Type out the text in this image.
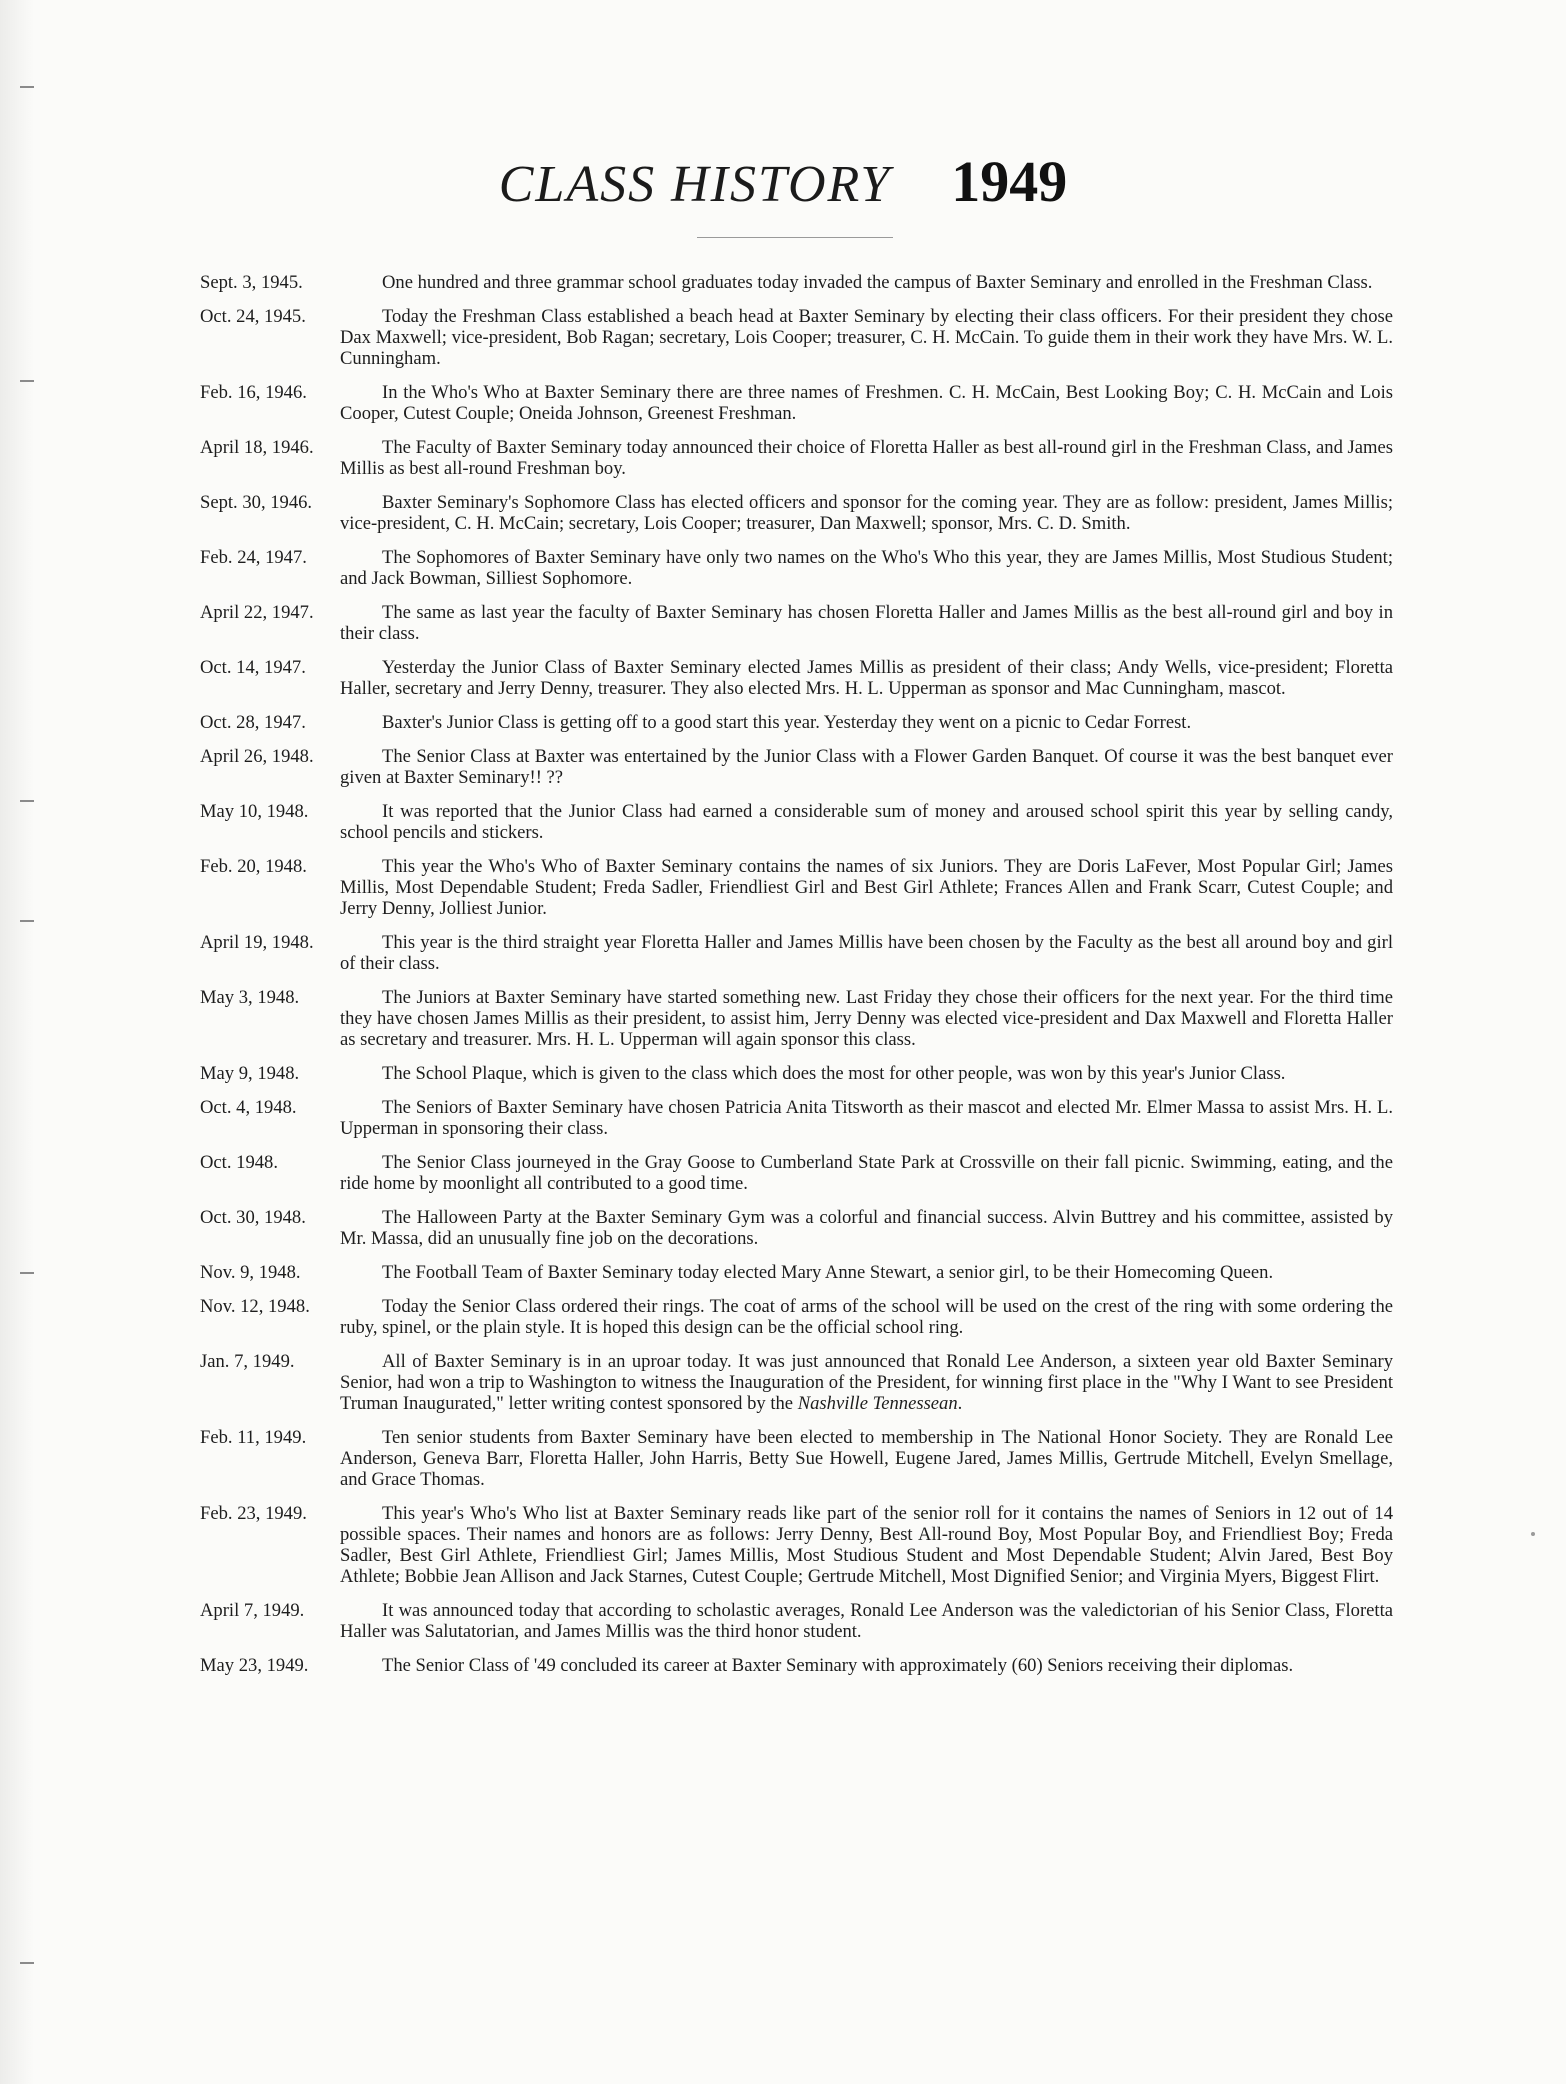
CLASS HISTORY 1949
Sept. 3, 1945.	One hundred and three grammar school graduates today invaded the campus of Baxter Seminary and enrolled in the Freshman Class.
Oct. 24, 1945.	Today the Freshman Class established a beach head at Baxter Seminary by electing their class officers. For their president they chose Dax Maxwell; vice-president, Bob Ragan; secretary, Lois Cooper; treasurer, C. H. McCain. To guide them in their work they have Mrs. W. L. Cunningham.
Feb. 16, 1946.	In the Who's Who at Baxter Seminary there are three names of Freshmen. C. H. McCain, Best Looking Boy; C. H. McCain and Lois Cooper, Cutest Couple; Oneida Johnson, Greenest Freshman.
April 18, 1946.	The Faculty of Baxter Seminary today announced their choice of Floretta Haller as best all-round girl in the Freshman Class, and James Millis as best all-round Freshman boy.
Sept. 30, 1946.	Baxter Seminary's Sophomore Class has elected officers and sponsor for the coming year. They are as follow: president, James Millis; vice-president, C. H. McCain; secretary, Lois Cooper; treasurer, Dan Maxwell; sponsor, Mrs. C. D. Smith.
Feb. 24, 1947.	The Sophomores of Baxter Seminary have only two names on the Who's Who this year, they are James Millis, Most Studious Student; and Jack Bowman, Silliest Sophomore.
April 22, 1947.	The same as last year the faculty of Baxter Seminary has chosen Floretta Haller and James Millis as the best all-round girl and boy in their class.
Oct. 14, 1947.	Yesterday the Junior Class of Baxter Seminary elected James Millis as president of their class; Andy Wells, vice-president; Floretta Haller, secretary and Jerry Denny, treasurer. They also elected Mrs. H. L. Upperman as sponsor and Mac Cunningham, mascot.
Oct. 28, 1947.	Baxter's Junior Class is getting off to a good start this year. Yesterday they went on a picnic to Cedar Forrest.
April 26, 1948.	The Senior Class at Baxter was entertained by the Junior Class with a Flower Garden Banquet. Of course it was the best banquet ever given at Baxter Seminary!! ??
May 10, 1948.	It was reported that the Junior Class had earned a considerable sum of money and aroused school spirit this year by selling candy, school pencils and stickers.
Feb. 20, 1948.	This year the Who's Who of Baxter Seminary contains the names of six Juniors. They are Doris LaFever, Most Popular Girl; James Millis, Most Dependable Student; Freda Sadler, Friendliest Girl and Best Girl Athlete; Frances Allen and Frank Scarr, Cutest Couple; and Jerry Denny, Jolliest Junior.
April 19, 1948.	This year is the third straight year Floretta Haller and James Millis have been chosen by the Faculty as the best all around boy and girl of their class.
May 3, 1948.	The Juniors at Baxter Seminary have started something new. Last Friday they chose their officers for the next year. For the third time they have chosen James Millis as their president, to assist him, Jerry Denny was elected vice-president and Dax Maxwell and Floretta Haller as secretary and treasurer. Mrs. H. L. Upperman will again sponsor this class.
May 9, 1948.	The School Plaque, which is given to the class which does the most for other people, was won by this year's Junior Class.
Oct. 4, 1948.	The Seniors of Baxter Seminary have chosen Patricia Anita Titsworth as their mascot and elected Mr. Elmer Massa to assist Mrs. H. L. Upperman in sponsoring their class.
Oct. 1948.	The Senior Class journeyed in the Gray Goose to Cumberland State Park at Crossville on their fall picnic. Swimming, eating, and the ride home by moonlight all contributed to a good time.
Oct. 30, 1948.	The Halloween Party at the Baxter Seminary Gym was a colorful and financial success. Alvin Buttrey and his committee, assisted by Mr. Massa, did an unusually fine job on the decorations.
Nov. 9, 1948.	The Football Team of Baxter Seminary today elected Mary Anne Stewart, a senior girl, to be their Homecoming Queen.
Nov. 12, 1948.	Today the Senior Class ordered their rings. The coat of arms of the school will be used on the crest of the ring with some ordering the ruby, spinel, or the plain style. It is hoped this design can be the official school ring.
Jan. 7, 1949.	All of Baxter Seminary is in an uproar today. It was just announced that Ronald Lee Anderson, a sixteen year old Baxter Seminary Senior, had won a trip to Washington to witness the Inauguration of the President, for winning first place in the "Why I Want to see President Truman Inaugurated," letter writing contest sponsored by the Nashville Tennessean.
Feb. 11, 1949.	Ten senior students from Baxter Seminary have been elected to membership in The National Honor Society. They are Ronald Lee Anderson, Geneva Barr, Floretta Haller, John Harris, Betty Sue Howell, Eugene Jared, James Millis, Gertrude Mitchell, Evelyn Smellage, and Grace Thomas.
Feb. 23, 1949.	This year's Who's Who list at Baxter Seminary reads like part of the senior roll for it contains the names of Seniors in 12 out of 14 possible spaces. Their names and honors are as follows: Jerry Denny, Best All-round Boy, Most Popular Boy, and Friendliest Boy; Freda Sadler, Best Girl Athlete, Friendliest Girl; James Millis, Most Studious Student and Most Dependable Student; Alvin Jared, Best Boy Athlete; Bobbie Jean Allison and Jack Starnes, Cutest Couple; Gertrude Mitchell, Most Dignified Senior; and Virginia Myers, Biggest Flirt.
April 7, 1949.	It was announced today that according to scholastic averages, Ronald Lee Anderson was the valedictorian of his Senior Class, Floretta Haller was Salutatorian, and James Millis was the third honor student.
May 23, 1949.	The Senior Class of '49 concluded its career at Baxter Seminary with approximately (60) Seniors receiving their diplomas.
